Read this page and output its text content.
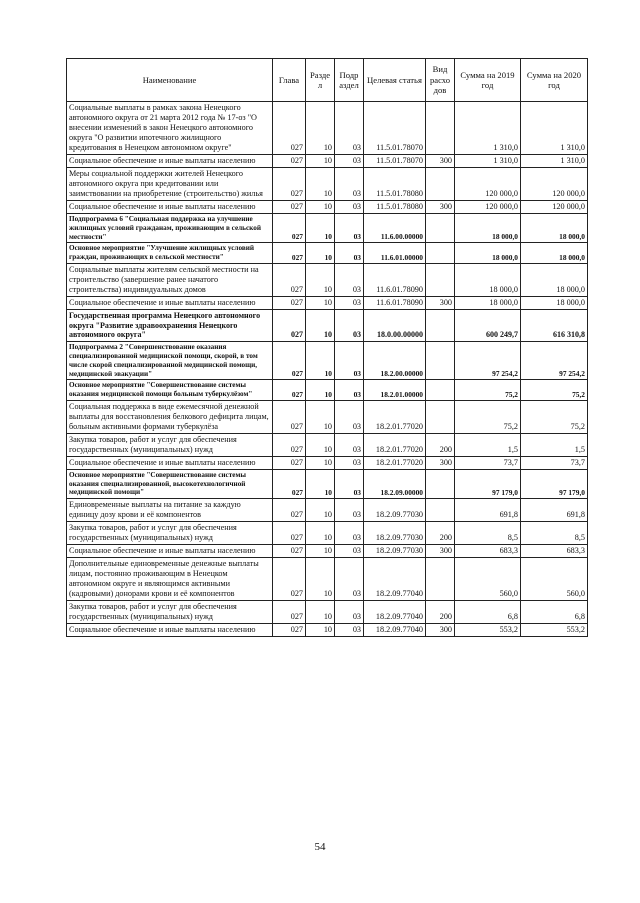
Наименование	Глава	Разде л	Подр аздел	Целевая статья	Вид расхо дов	Сумма на 2019 год	Сумма на 2020 год
Социальные выплаты в рамках закона Ненецкого автономного округа от 21 марта 2012 года № 17-оз "О внесении изменений в закон Ненецкого автономного округа "О развитии ипотечного жилищного кредитования в Ненецком автономном округе"	027	10	03	11.5.01.78070		1 310,0	1 310,0
Социальное обеспечение и иные выплаты населению	027	10	03	11.5.01.78070	300	1 310,0	1 310,0
Меры социальной поддержки жителей Ненецкого автономного округа при кредитовании или заимствовании на приобретение (строительство) жилья	027	10	03	11.5.01.78080		120 000,0	120 000,0
Социальное обеспечение и иные выплаты населению	027	10	03	11.5.01.78080	300	120 000,0	120 000,0
Подпрограмма 6 "Социальная поддержка на улучшение жилищных условий гражданам, проживающим в сельской местности"	027	10	03	11.6.00.00000		18 000,0	18 000,0
Основное мероприятие "Улучшение жилищных условий граждан, проживающих в сельской местности"	027	10	03	11.6.01.00000		18 000,0	18 000,0
Социальные выплаты жителям сельской местности на строительство (завершение ранее начатого строительства) индивидуальных домов	027	10	03	11.6.01.78090		18 000,0	18 000,0
Социальное обеспечение и иные выплаты населению	027	10	03	11.6.01.78090	300	18 000,0	18 000,0
Государственная программа Ненецкого автономного округа "Развитие здравоохранения Ненецкого автономного округа"	027	10	03	18.0.00.00000		600 249,7	616 310,8
Подпрограмма 2 "Совершенствование оказания специализированной медицинской помощи, скорой, в том числе скорой специализированной медицинской помощи, медицинской эвакуации"	027	10	03	18.2.00.00000		97 254,2	97 254,2
Основное мероприятие "Совершенствование системы оказания медицинской помощи больным туберкулёзом"	027	10	03	18.2.01.00000		75,2	75,2
Социальная поддержка в виде ежемесячной денежной выплаты для восстановления белкового дефицита лицам, больным активными формами туберкулёза	027	10	03	18.2.01.77020		75,2	75,2
Закупка товаров, работ и услуг для обеспечения государственных (муниципальных) нужд	027	10	03	18.2.01.77020	200	1,5	1,5
Социальное обеспечение и иные выплаты населению	027	10	03	18.2.01.77020	300	73,7	73,7
Основное мероприятие "Совершенствование системы оказания специализированной, высокотехнологичной медицинской помощи"	027	10	03	18.2.09.00000		97 179,0	97 179,0
Единовременные выплаты на питание за каждую единицу дозу крови и её компонентов	027	10	03	18.2.09.77030		691,8	691,8
Закупка товаров, работ и услуг для обеспечения государственных (муниципальных) нужд	027	10	03	18.2.09.77030	200	8,5	8,5
Социальное обеспечение и иные выплаты населению	027	10	03	18.2.09.77030	300	683,3	683,3
Дополнительные единовременные денежные выплаты лицам, постоянно проживающим в Ненецком автономном округе и являющимся активными (кадровыми) донорами крови и её компонентов	027	10	03	18.2.09.77040		560,0	560,0
Закупка товаров, работ и услуг для обеспечения государственных (муниципальных) нужд	027	10	03	18.2.09.77040	200	6,8	6,8
Социальное обеспечение и иные выплаты населению	027	10	03	18.2.09.77040	300	553,2	553,2
54
